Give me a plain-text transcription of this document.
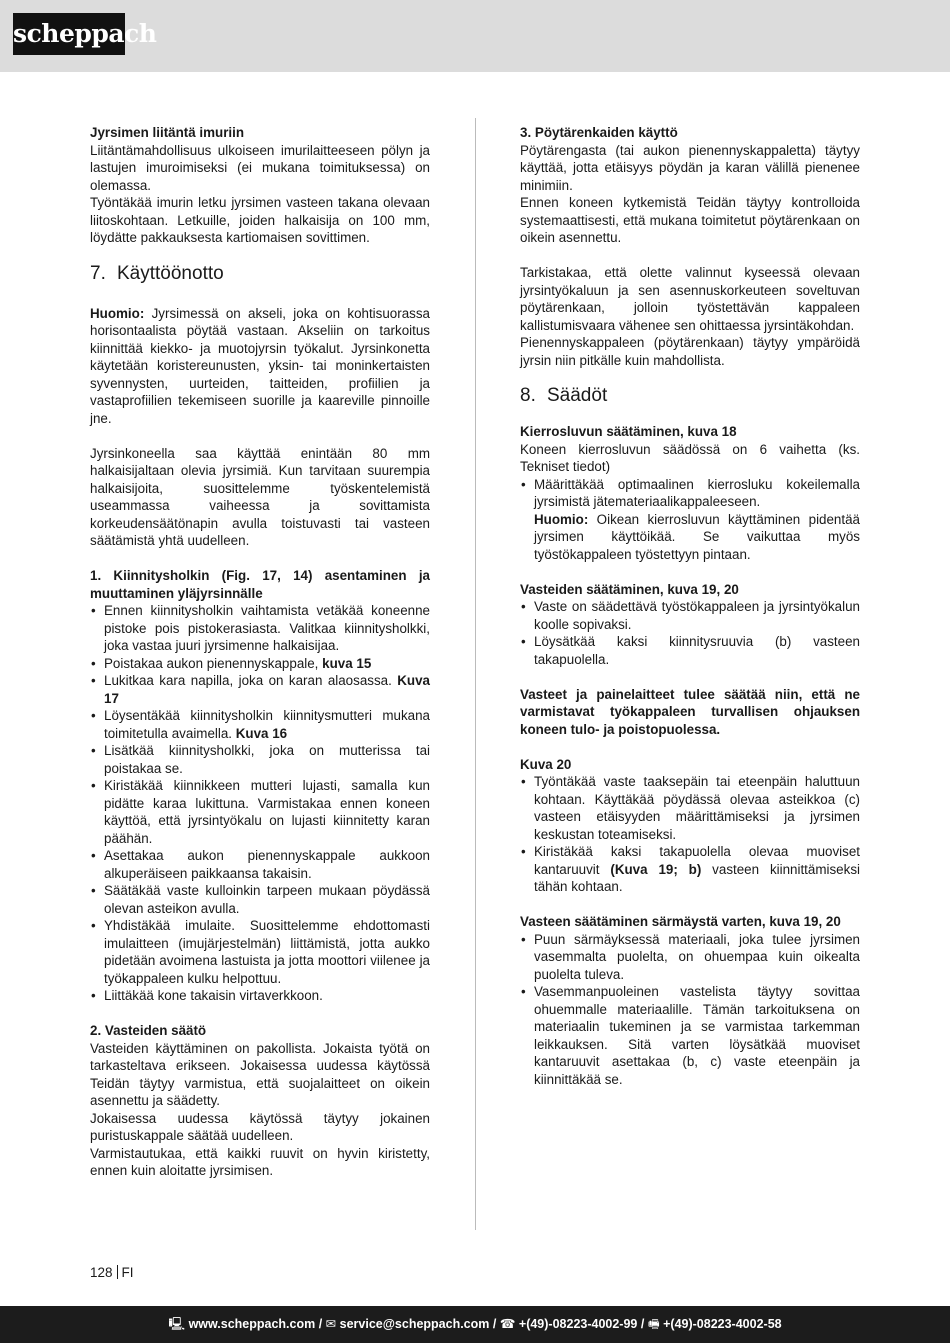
scheppach

Jyrsimen liitäntä imuriin

Liitäntämahdollisuus ulkoiseen imurilaitteeseen pölyn ja lastujen imuroimiseksi (ei mukana toimituksessa) on olemassa.

Työntäkää imurin letku jyrsimen vasteen takana olevaan liitoskohtaan. Letkuille, joiden halkaisija on 100 mm, löydätte pakkauksesta kartiomaisen sovittimen.

7. Käyttöönotto

Huomio: Jyrsimessä on akseli, joka on kohtisuorassa horisontaalista pöytää vastaan. Akseliin on tarkoitus kiinnittää kiekko- ja muotojyrsin työkalut. Jyrsinkonetta käytetään koristereunusten, yksin- tai moninkertaisten syvennysten, uurteiden, taitteiden, profiilien ja vastaprofiilien tekemiseen suorille ja kaareville pinnoille jne.

Jyrsinkoneella saa käyttää enintään 80 mm halkaisijaltaan olevia jyrsimiä. Kun tarvitaan suurempia halkaisijoita, suosittelemme työskentelemistä useammassa vaiheessa ja sovittamista korkeudensäätönapin avulla toistuvasti tai vasteen säätämistä yhtä uudelleen.

1. Kiinnitysholkin (Fig. 17, 14) asentaminen ja muuttaminen yläjyrsinnälle

• Ennen kiinnitysholkin vaihtamista vetäkää koneenne pistoke pois pistokerasiasta. Valitkaa kiinnitysholkki, joka vastaa juuri jyrsimenne halkaisijaa.
• Poistakaa aukon pienennyskappale, kuva 15
• Lukitkaa kara napilla, joka on karan alaosassa. Kuva 17
• Löysentäkää kiinnitysholkin kiinnitysmutteri mukana toimitetulla avaimella. Kuva 16
• Lisätkää kiinnitysholkki, joka on mutterissa tai poistakaa se.
• Kiristäkää kiinnikkeen mutteri lujasti, samalla kun pidätte karaa lukittuna. Varmistakaa ennen koneen käyttöä, että jyrsintyökalu on lujasti kiinnitetty karan päähän.
• Asettakaa aukon pienennyskappale aukkoon alkuperäiseen paikkaansa takaisin.
• Säätäkää vaste kulloinkin tarpeen mukaan pöydässä olevan asteikon avulla.
• Yhdistäkää imulaite. Suosittelemme ehdottomasti imulaitteen (imujärjestelmän) liittämistä, jotta aukko pidetään avoimena lastuista ja jotta moottori viilenee ja työkappaleen kulku helpottuu.
• Liittäkää kone takaisin virtaverkkoon.

2. Vasteiden säätö

Vasteiden käyttäminen on pakollista. Jokaista työtä on tarkasteltava erikseen. Jokaisessa uudessa käytössä Teidän täytyy varmistua, että suojalaitteet on oikein asennettu ja säädetty.

Jokaisessa uudessa käytössä täytyy jokainen puristuskappale säätää uudelleen.

Varmistautukaa, että kaikki ruuvit on hyvin kiristetty, ennen kuin aloitatte jyrsimisen.

3. Pöytärenkaiden käyttö

Pöytärengasta (tai aukon pienennyskappaletta) täytyy käyttää, jotta etäisyys pöydän ja karan välillä pienenee minimiin.

Ennen koneen kytkemistä Teidän täytyy kontrolloida systemaattisesti, että mukana toimitetut pöytärenkaan on oikein asennettu.

Tarkistakaa, että olette valinnut kyseessä olevaan jyrsintyökaluun ja sen asennuskorkeuteen soveltuvan pöytärenkaan, jolloin työstettävän kappaleen kallistumisvaara vähenee sen ohittaessa jyrsintäkohdan.

Pienennyskappaleen (pöytärenkaan) täytyy ympäröidä jyrsin niin pitkälle kuin mahdollista.

8. Säädöt

Kierrosluvun säätäminen, kuva 18

Koneen kierrosluvun säädössä on 6 vaihetta (ks. Tekniset tiedot)

• Määrittäkää optimaalinen kierrosluku kokeilemalla jyrsimistä jätemateriaalikappaleeseen.

Huomio: Oikean kierrosluvun käyttäminen pidentää jyrsimen käyttöikää. Se vaikuttaa myös työstökappaleen työstettyyn pintaan.

Vasteiden säätäminen, kuva 19, 20

• Vaste on säädettävä työstökappaleen ja jyrsintyökalun koolle sopivaksi.
• Löysätkää kaksi kiinnitysruuvia (b) vasteen takapuolella.

Vasteet ja painelaitteet tulee säätää niin, että ne varmistavat työkappaleen turvallisen ohjauksen koneen tulo- ja poistopuolessa.

Kuva 20

• Työntäkää vaste taaksepäin tai eteenpäin haluttuun kohtaan. Käyttäkää pöydässä olevaa asteikkoa (c) vasteen etäisyyden määrittämiseksi ja jyrsimen keskustan toteamiseksi.
• Kiristäkää kaksi takapuolella olevaa muoviset kantaruuvit (Kuva 19; b) vasteen kiinnittämiseksi tähän kohtaan.

Vasteen säätäminen särmäystä varten, kuva 19, 20

• Puun särmäyksessä materiaali, joka tulee jyrsimen vasemmalta puolelta, on ohuempaa kuin oikealta puolelta tuleva.
• Vasemmanpuoleinen vastelista täytyy sovittaa ohuemmalle materiaalille. Tämän tarkoituksena on materiaalin tukeminen ja se varmistaa tarkemman leikkauksen. Sitä varten löysätkää muoviset kantaruuvit asettakaa (b, c) vaste eteenpäin ja kiinnittäkää se.
128 FI
🖳 www.scheppach.com / ✉ service@scheppach.com / ☎ +(49)-08223-4002-99 / 🖷 +(49)-08223-4002-58
